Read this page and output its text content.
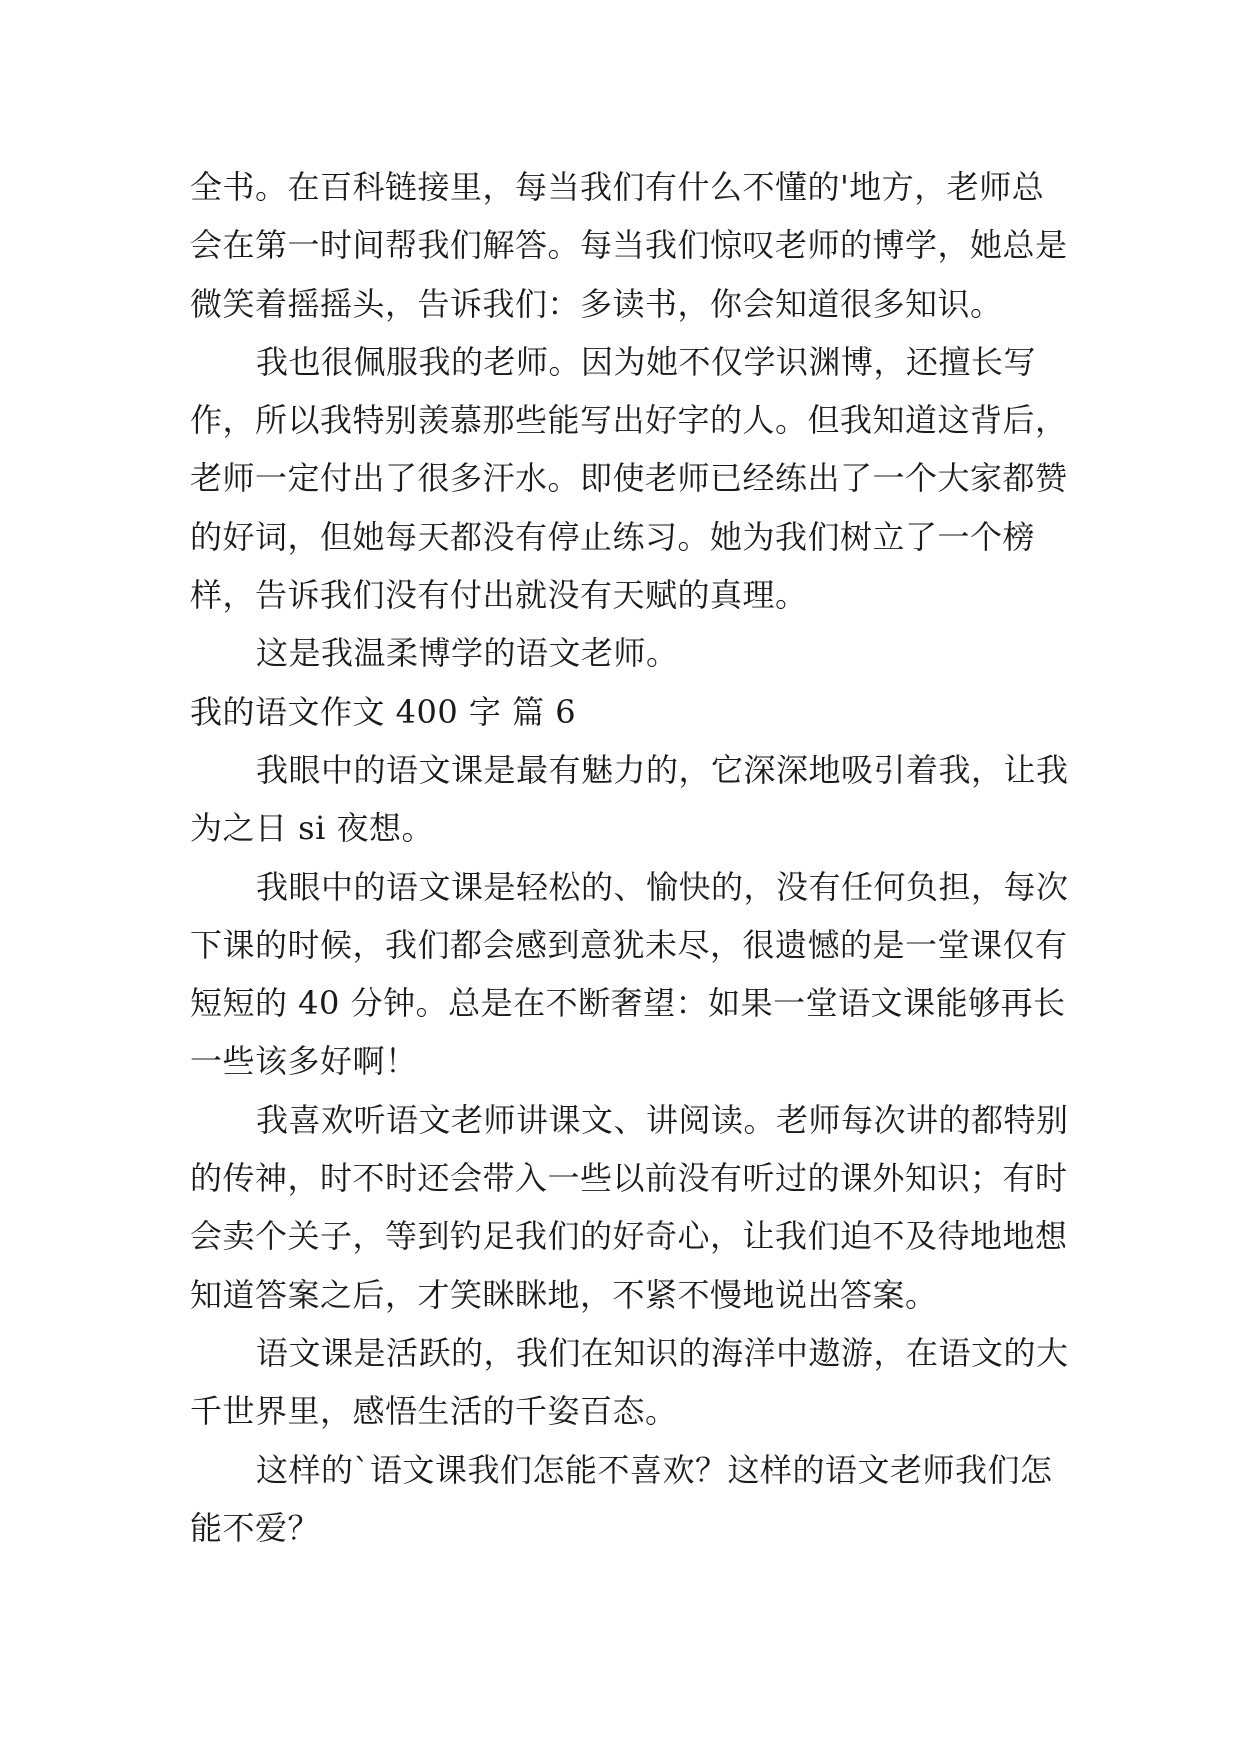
全书。在百科链接里，每当我们有什么不懂的'地方，老师总会在第一时间帮我们解答。每当我们惊叹老师的博学，她总是微笑着摇摇头，告诉我们：多读书，你会知道很多知识。

我也很佩服我的老师。因为她不仅学识渊博，还擅长写作，所以我特别羡慕那些能写出好字的人。但我知道这背后，老师一定付出了很多汗水。即使老师已经练出了一个大家都赞的好词，但她每天都没有停止练习。她为我们树立了一个榜样，告诉我们没有付出就没有天赋的真理。

这是我温柔博学的语文老师。

我的语文作文 400 字 篇 6

我眼中的语文课是最有魅力的，它深深地吸引着我，让我为之日 si 夜想。

我眼中的语文课是轻松的、愉快的，没有任何负担，每次下课的时候，我们都会感到意犹未尽，很遗憾的是一堂课仅有短短的 40 分钟。总是在不断奢望：如果一堂语文课能够再长一些该多好啊！

我喜欢听语文老师讲课文、讲阅读。老师每次讲的都特别的传神，时不时还会带入一些以前没有听过的课外知识；有时会卖个关子，等到钓足我们的好奇心，让我们迫不及待地地想知道答案之后，才笑眯眯地，不紧不慢地说出答案。

语文课是活跃的，我们在知识的海洋中遨游，在语文的大千世界里，感悟生活的千姿百态。

这样的`语文课我们怎能不喜欢？这样的语文老师我们怎能不爱？
